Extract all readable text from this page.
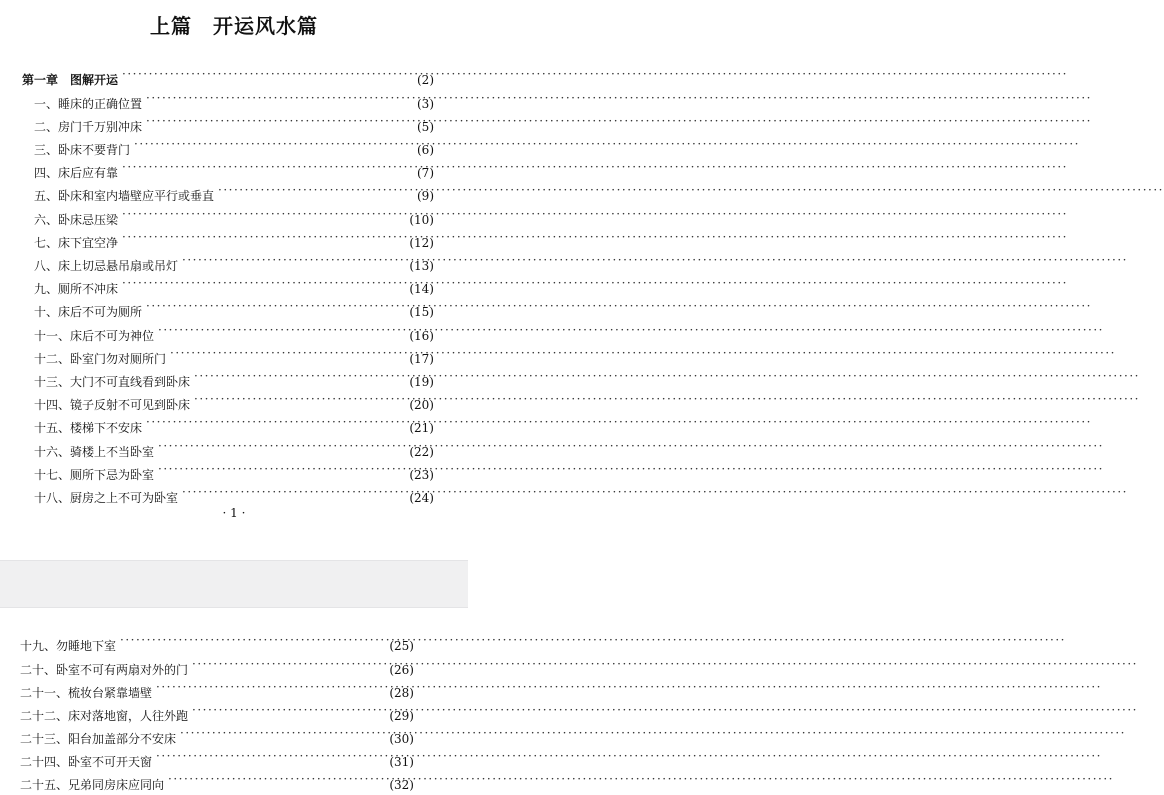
上篇　开运风水篇
第一章　图解开运 ·····	(2)
一、睡床的正确位置 ·····	(3)
二、房门千万别冲床 ·····	(5)
三、卧床不要背门 ·····	(6)
四、床后应有靠 ·····	(7)
五、卧床和室内墙壁应平行或垂直 ·····	(9)
六、卧床忌压梁 ·····	(10)
七、床下宜空净 ·····	(12)
八、床上切忌悬吊扇或吊灯 ·····	(13)
九、厕所不冲床 ·····	(14)
十、床后不可为厕所 ·····	(15)
十一、床后不可为神位 ·····	(16)
十二、卧室门勿对厕所门 ·····	(17)
十三、大门不可直线看到卧床 ·····	(19)
十四、镜子反射不可见到卧床 ·····	(20)
十五、楼梯下不安床 ·····	(21)
十六、骑楼上不当卧室 ·····	(22)
十七、厕所下忌为卧室 ·····	(23)
十八、厨房之上不可为卧室 ·····	(24)
· 1 ·
十九、勿睡地下室 ·····	(25)
二十、卧室不可有两扇对外的门 ·····	(26)
二十一、梳妆台紧靠墙壁 ·····	(28)
二十二、床对落地窗，人往外跑 ·····	(29)
二十三、阳台加盖部分不安床 ·····	(30)
二十四、卧室不可开天窗 ·····	(31)
二十五、兄弟同房床应同向 ·····	(32)
